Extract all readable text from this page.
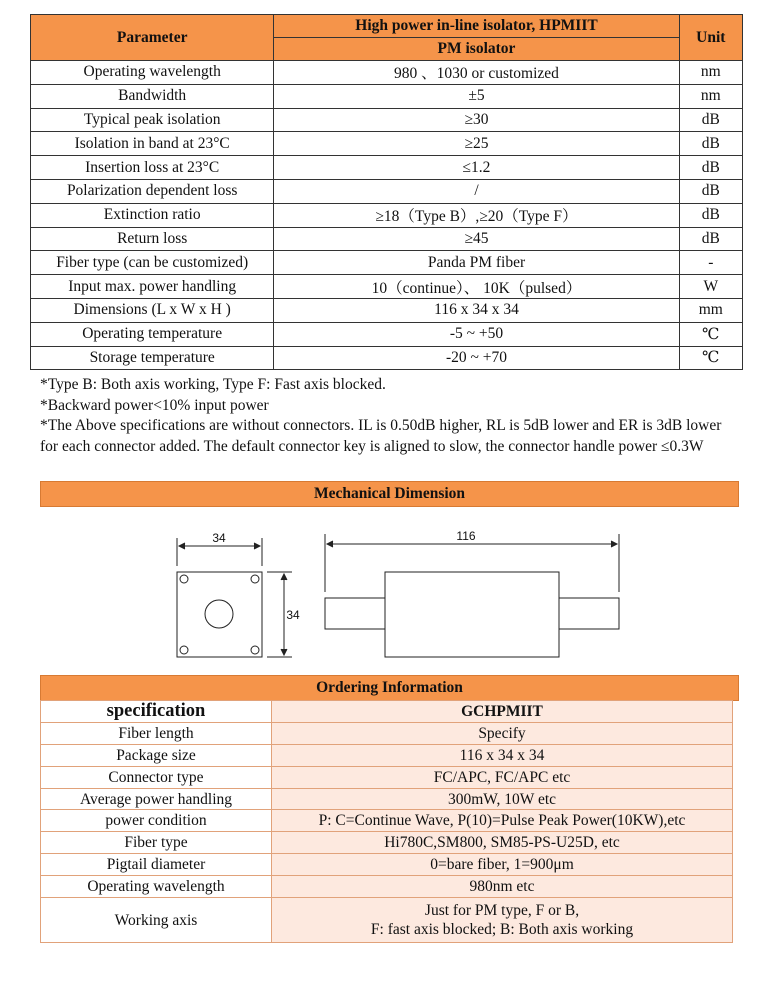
Parameter	High power in-line isolator, HPMIIT	Unit
	PM isolator	
Operating wavelength	980 、1030 or customized	nm
Bandwidth	±5	nm
Typical peak isolation	≥30	dB
Isolation in band at 23°C	≥25	dB
Insertion loss at 23°C	≤1.2	dB
Polarization dependent loss	/	dB
Extinction ratio	≥18（Type B）,≥20（Type F）	dB
Return loss	≥45	dB
Fiber type (can be customized)	Panda PM fiber	-
Input max. power handling	10（continue）、 10K（pulsed）	W
Dimensions (L x W x H )	116 x 34 x 34	mm
Operating temperature	-5 ~ +50	℃
Storage temperature	-20 ~ +70	℃

*Type B: Both axis working, Type F: Fast axis blocked.

*Backward power<10% input power

*The Above specifications are without connectors. IL is 0.50dB higher, RL is 5dB lower and ER is 3dB lower for each connector added. The default connector key is aligned to slow, the connector handle power ≤0.3W

Mechanical Dimension
34
34
116
Ordering Information
specification	GCHPMIIT
Fiber length	Specify
Package size	116 x 34 x 34
Connector type	FC/APC, FC/APC etc
Average power handling	300mW, 10W etc
power condition	P: C=Continue Wave, P(10)=Pulse Peak Power(10KW),etc
Fiber type	Hi780C,SM800, SM85-PS-U25D, etc
Pigtail diameter	0=bare fiber, 1=900μm
Operating wavelength	980nm etc
Working axis	Just for PM type, F or B,
F: fast axis blocked; B: Both axis working
